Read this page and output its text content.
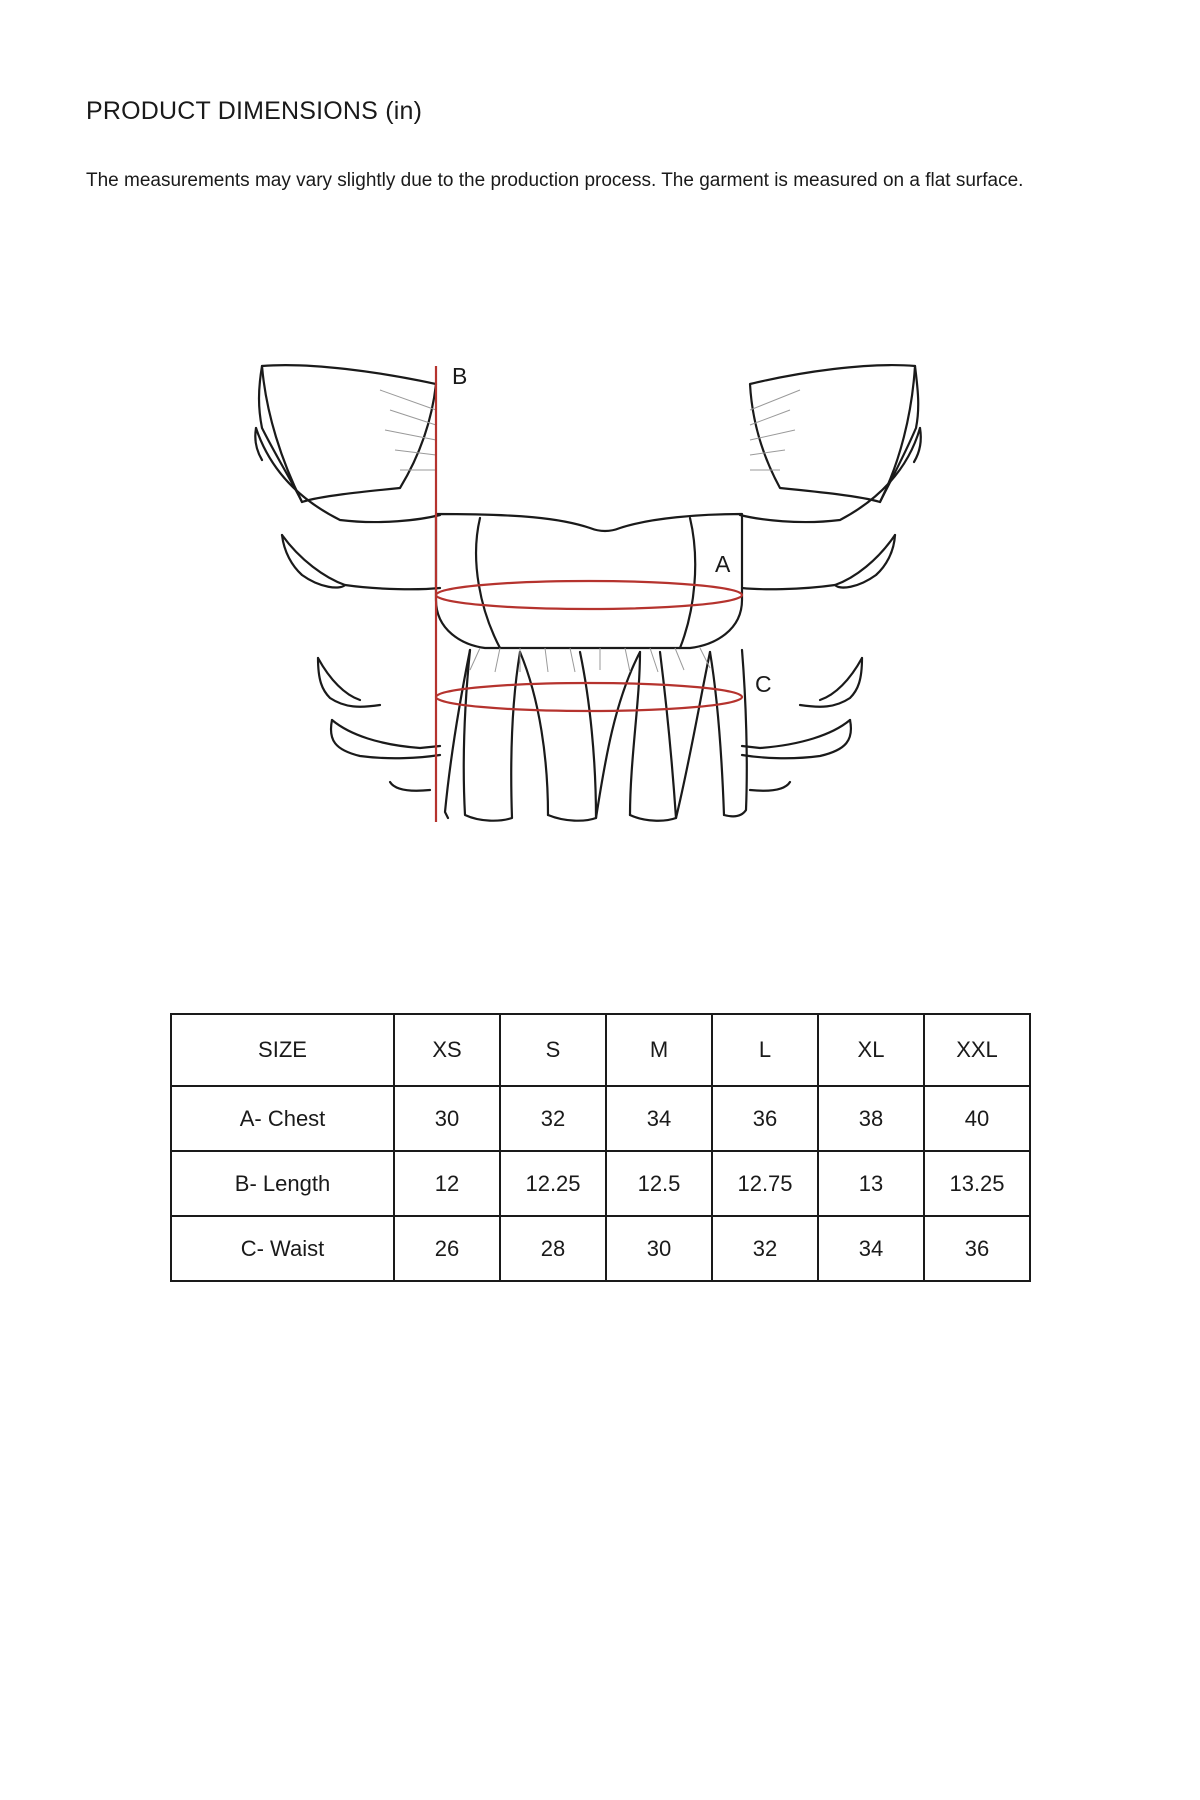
PRODUCT DIMENSIONS (in)

The measurements may vary slightly due to the production process. The garment is measured on a flat surface.

B
A
C
SIZE	XS	S	M	L	XL	XXL
A- Chest	30	32	34	36	38	40
B- Length	12	12.25	12.5	12.75	13	13.25
C- Waist	26	28	30	32	34	36
